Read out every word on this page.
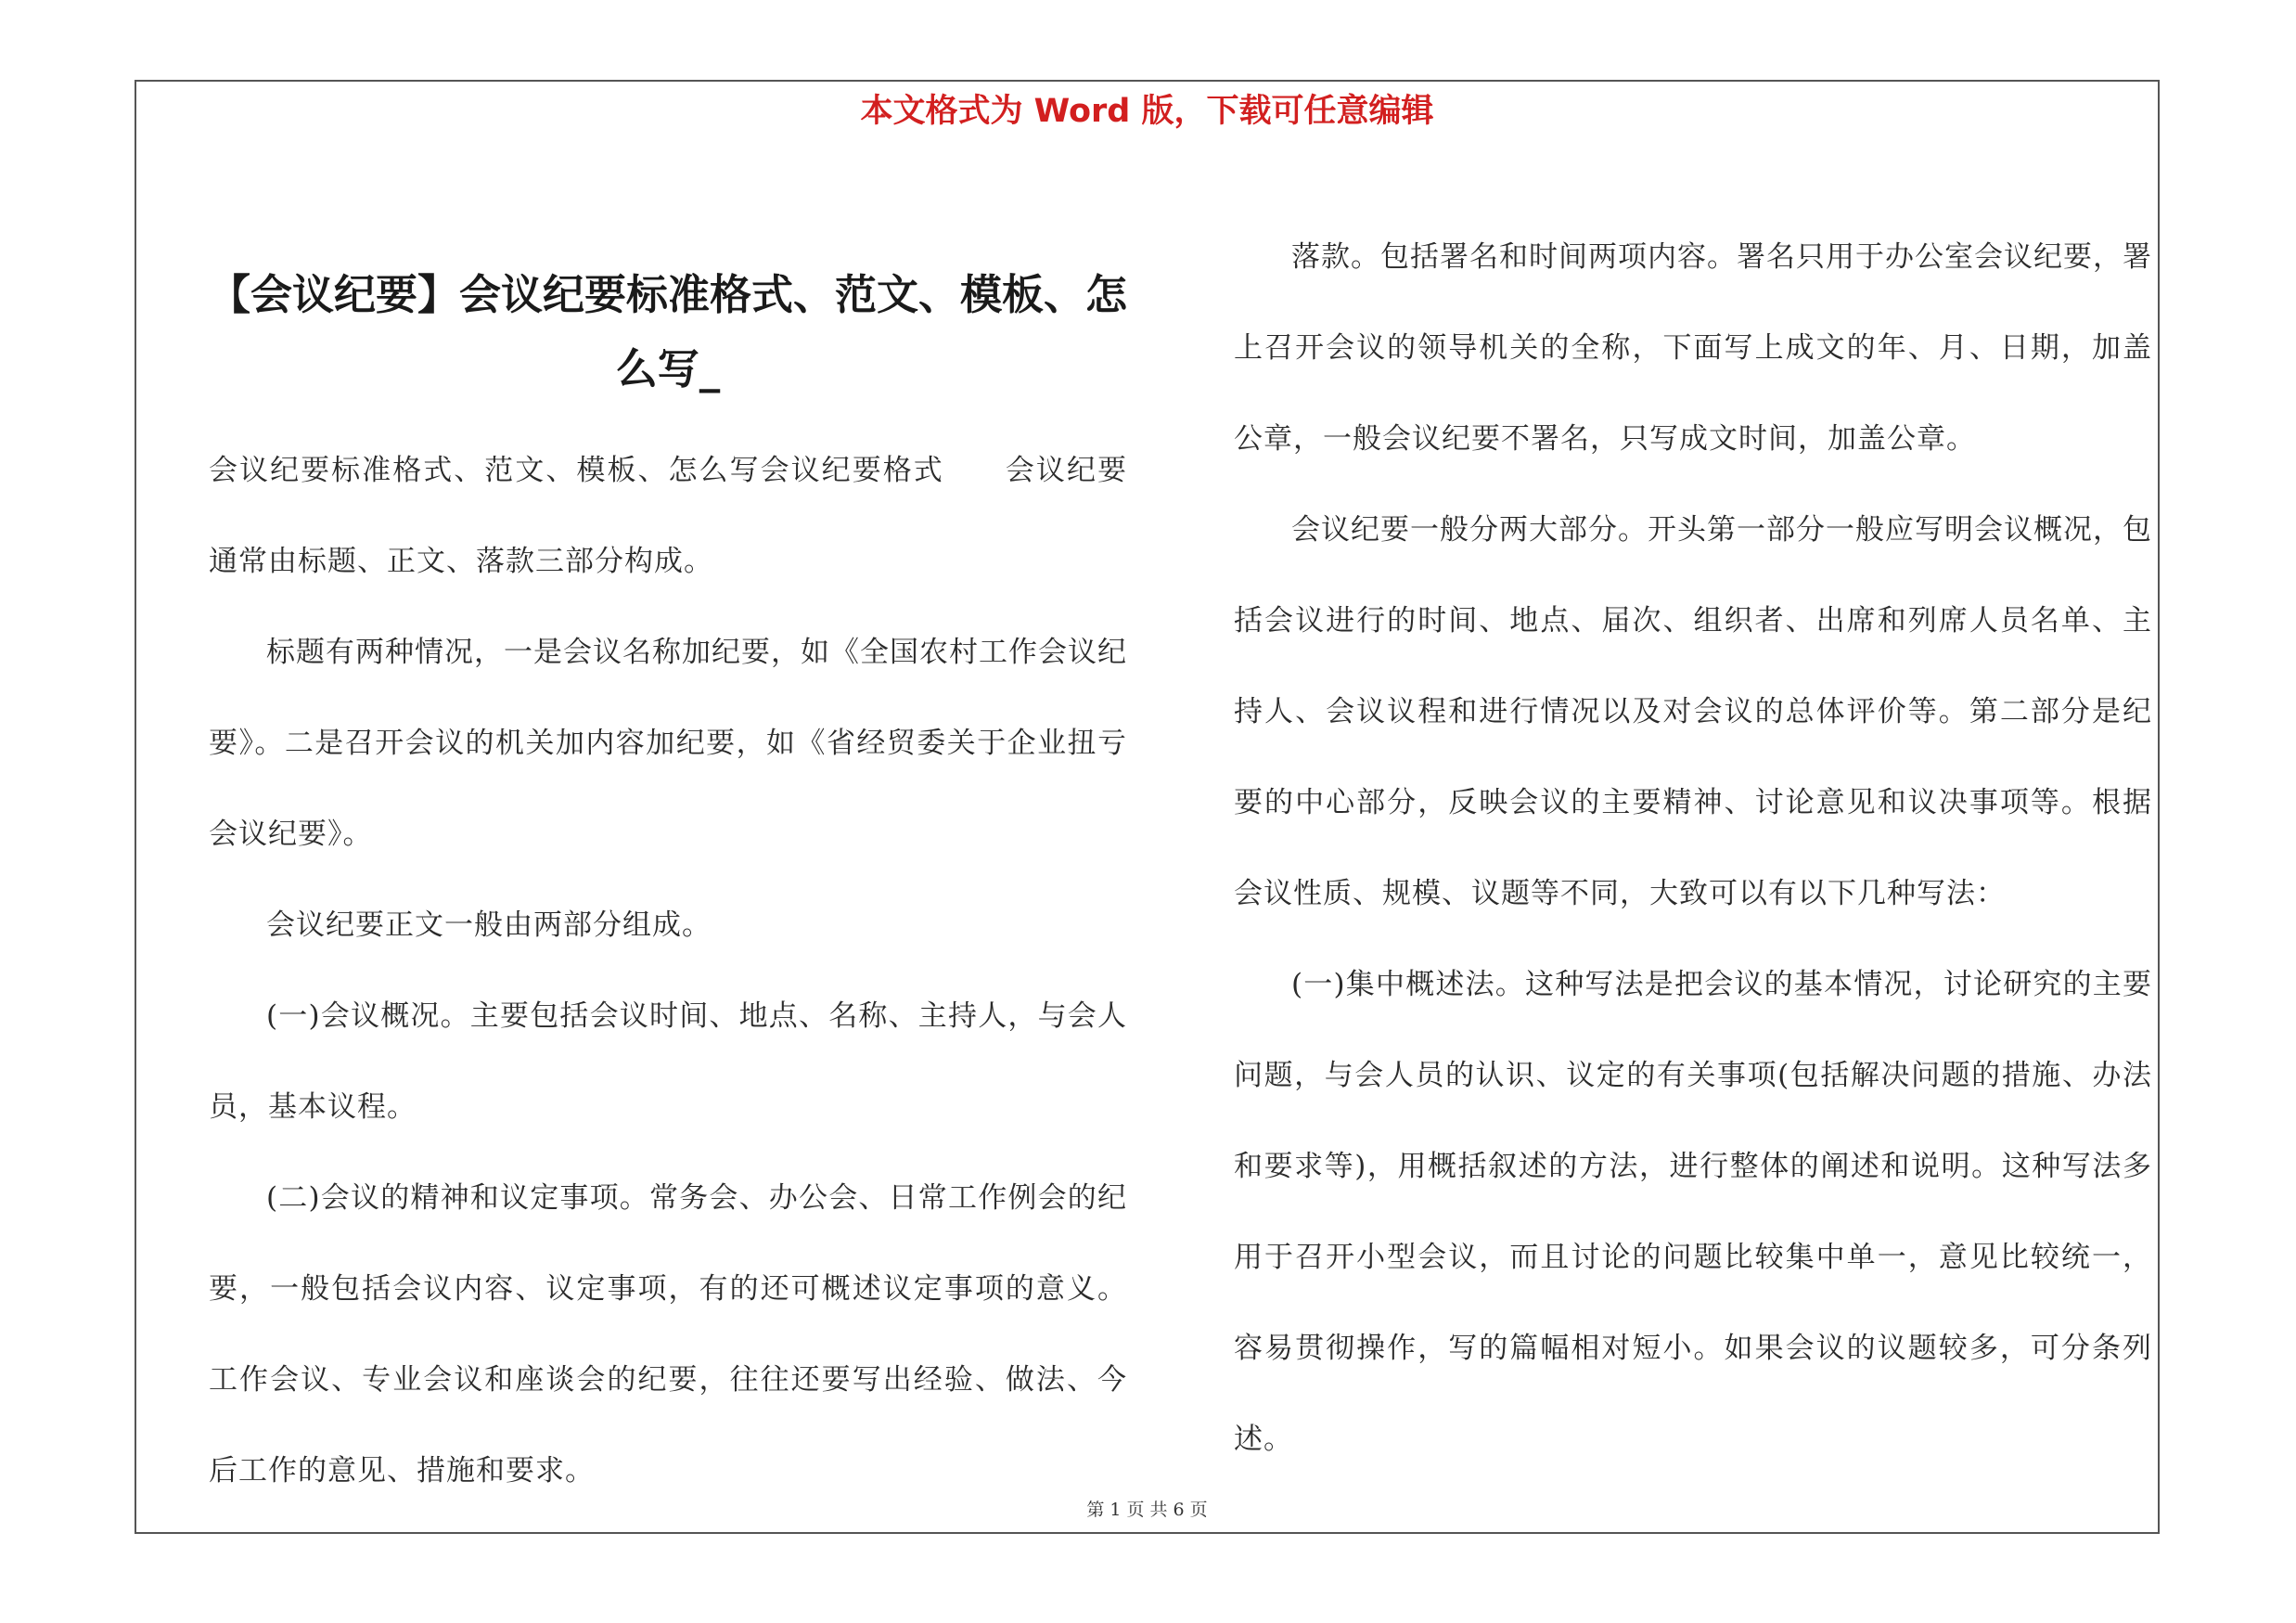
本文格式为 Word 版，下载可任意编辑
【会议纪要】会议纪要标准格式、范文、模板、怎么写_

会议纪要标准格式、范文、模板、怎么写会议纪要格式　　会议纪要通常由标题、正文、落款三部分构成。

标题有两种情况，一是会议名称加纪要，如《全国农村工作会议纪要》。二是召开会议的机关加内容加纪要，如《省经贸委关于企业扭亏会议纪要》。

会议纪要正文一般由两部分组成。

(一)会议概况。主要包括会议时间、地点、名称、主持人，与会人员，基本议程。

(二)会议的精神和议定事项。常务会、办公会、日常工作例会的纪要，一般包括会议内容、议定事项，有的还可概述议定事项的意义。工作会议、专业会议和座谈会的纪要，往往还要写出经验、做法、今后工作的意见、措施和要求。

落款。包括署名和时间两项内容。署名只用于办公室会议纪要，署上召开会议的领导机关的全称，下面写上成文的年、月、日期，加盖公章，一般会议纪要不署名，只写成文时间，加盖公章。

会议纪要一般分两大部分。开头第一部分一般应写明会议概况，包括会议进行的时间、地点、届次、组织者、出席和列席人员名单、主持人、会议议程和进行情况以及对会议的总体评价等。第二部分是纪要的中心部分，反映会议的主要精神、讨论意见和议决事项等。根据会议性质、规模、议题等不同，大致可以有以下几种写法：

(一)集中概述法。这种写法是把会议的基本情况，讨论研究的主要问题，与会人员的认识、议定的有关事项(包括解决问题的措施、办法和要求等)，用概括叙述的方法，进行整体的阐述和说明。这种写法多用于召开小型会议，而且讨论的问题比较集中单一，意见比较统一，容易贯彻操作，写的篇幅相对短小。如果会议的议题较多，可分条列述。

第 1 页 共 6 页
